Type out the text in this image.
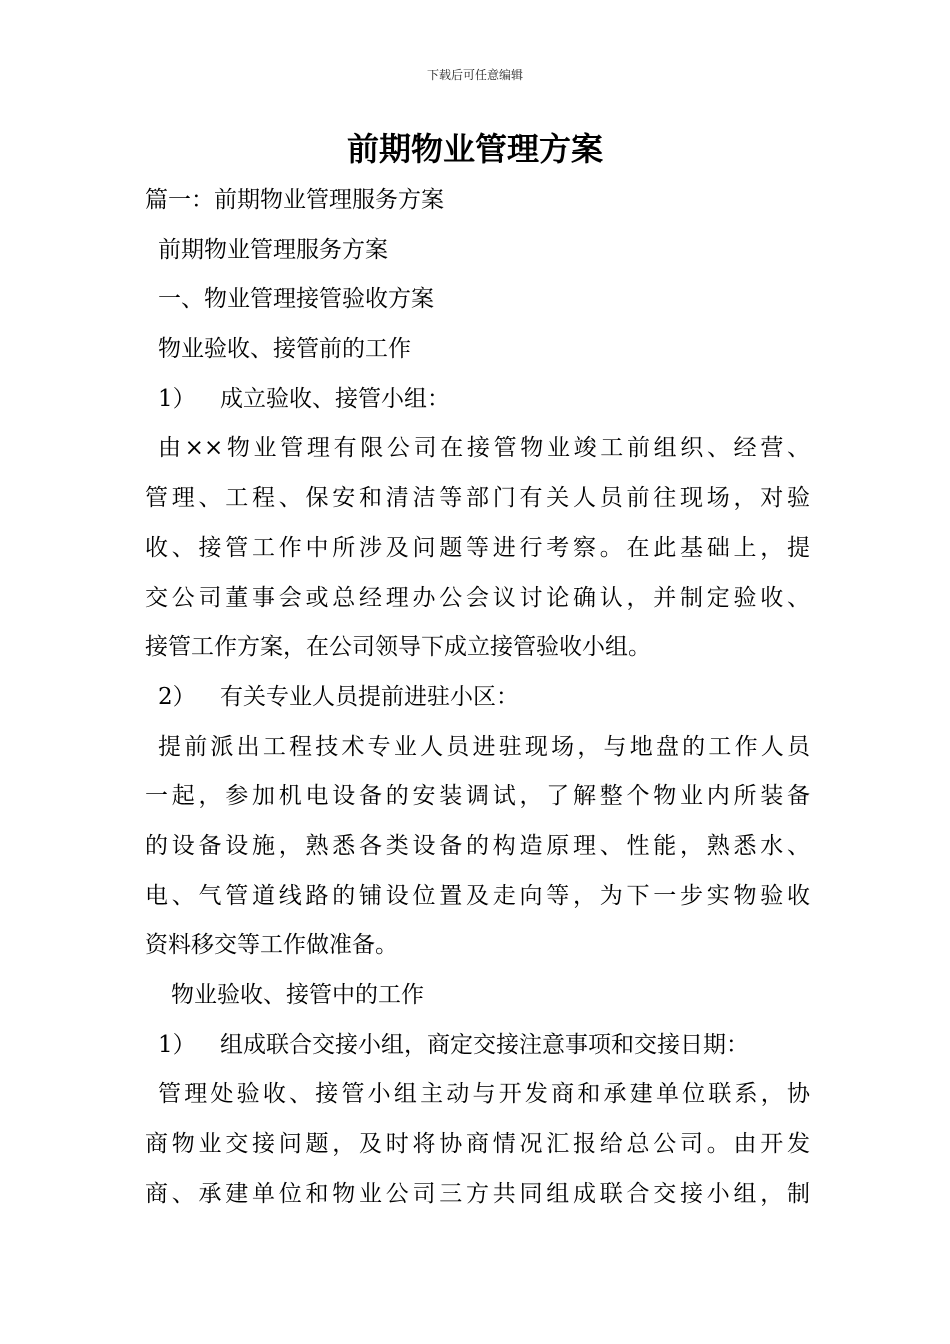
下载后可任意编辑
前期物业管理方案
篇一：前期物业管理服务方案
前期物业管理服务方案
一、物业管理接管验收方案
物业验收、接管前的工作
1） 成立验收、接管小组：
由××物业管理有限公司在接管物业竣工前组织、经营、
管理、工程、保安和清洁等部门有关人员前往现场，对验
收、接管工作中所涉及问题等进行考察。在此基础上，提
交公司董事会或总经理办公会议讨论确认，并制定验收、
接管工作方案，在公司领导下成立接管验收小组。
2） 有关专业人员提前进驻小区：
提前派出工程技术专业人员进驻现场，与地盘的工作人员
一起，参加机电设备的安装调试，了解整个物业内所装备
的设备设施，熟悉各类设备的构造原理、性能，熟悉水、
电、气管道线路的铺设位置及走向等，为下一步实物验收
资料移交等工作做准备。
物业验收、接管中的工作
1） 组成联合交接小组，商定交接注意事项和交接日期：
管理处验收、接管小组主动与开发商和承建单位联系，协
商物业交接问题，及时将协商情况汇报给总公司。由开发
商、承建单位和物业公司三方共同组成联合交接小组，制
